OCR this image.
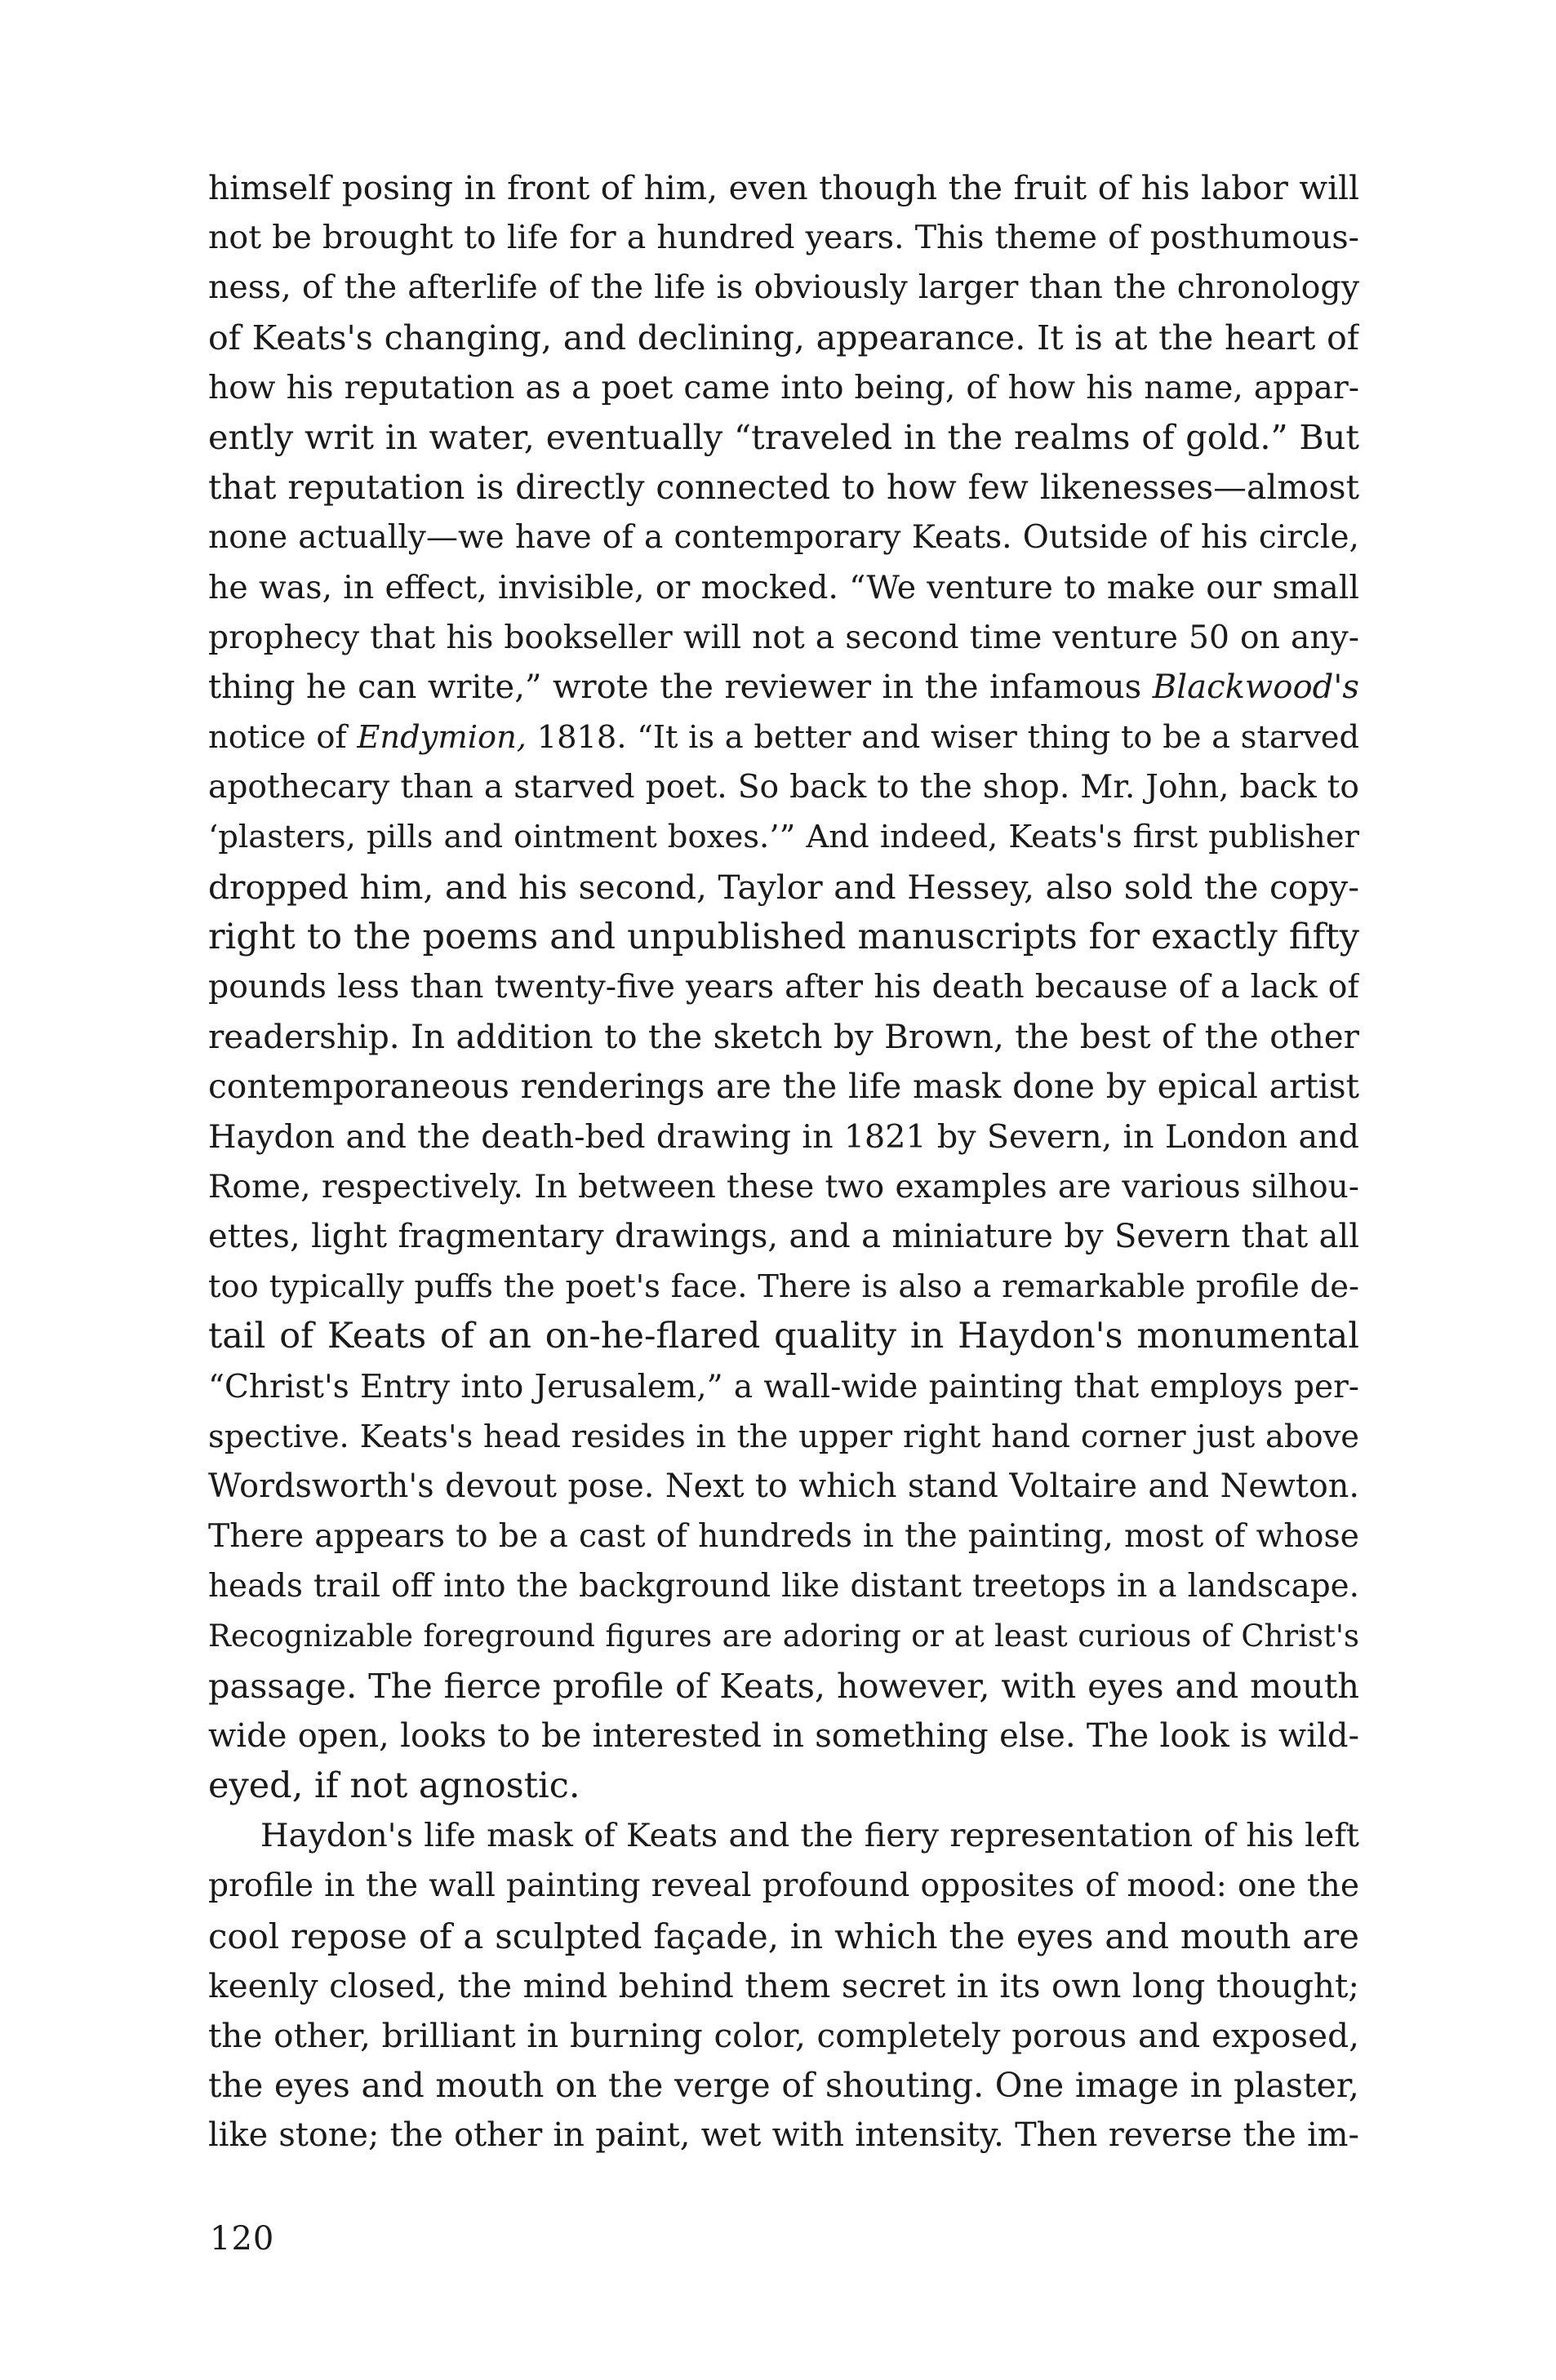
himself posing in front of him, even though the fruit of his labor will
not be brought to life for a hundred years. This theme of posthumous-
ness, of the afterlife of the life is obviously larger than the chronology
of Keats's changing, and declining, appearance. It is at the heart of
how his reputation as a poet came into being, of how his name, appar-
ently writ in water, eventually “traveled in the realms of gold.” But
that reputation is directly connected to how few likenesses—almost
none actually—we have of a contemporary Keats. Outside of his circle,
he was, in effect, invisible, or mocked. “We venture to make our small
prophecy that his bookseller will not a second time venture 50 on any-
thing he can write,” wrote the reviewer in the infamous Blackwood's
notice of Endymion, 1818. “It is a better and wiser thing to be a starved
apothecary than a starved poet. So back to the shop. Mr. John, back to
‘plasters, pills and ointment boxes.’” And indeed, Keats's first publisher
dropped him, and his second, Taylor and Hessey, also sold the copy-
right to the poems and unpublished manuscripts for exactly fifty
pounds less than twenty-five years after his death because of a lack of
readership. In addition to the sketch by Brown, the best of the other
contemporaneous renderings are the life mask done by epical artist
Haydon and the death-bed drawing in 1821 by Severn, in London and
Rome, respectively. In between these two examples are various silhou-
ettes, light fragmentary drawings, and a miniature by Severn that all
too typically puffs the poet's face. There is also a remarkable profile de-
tail of Keats of an on-he-flared quality in Haydon's monumental
“Christ's Entry into Jerusalem,” a wall-wide painting that employs per-
spective. Keats's head resides in the upper right hand corner just above
Wordsworth's devout pose. Next to which stand Voltaire and Newton.
There appears to be a cast of hundreds in the painting, most of whose
heads trail off into the background like distant treetops in a landscape.
Recognizable foreground figures are adoring or at least curious of Christ's
passage. The fierce profile of Keats, however, with eyes and mouth
wide open, looks to be interested in something else. The look is wild-
eyed, if not agnostic.
Haydon's life mask of Keats and the fiery representation of his left
profile in the wall painting reveal profound opposites of mood: one the
cool repose of a sculpted façade, in which the eyes and mouth are
keenly closed, the mind behind them secret in its own long thought;
the other, brilliant in burning color, completely porous and exposed,
the eyes and mouth on the verge of shouting. One image in plaster,
like stone; the other in paint, wet with intensity. Then reverse the im-
120
